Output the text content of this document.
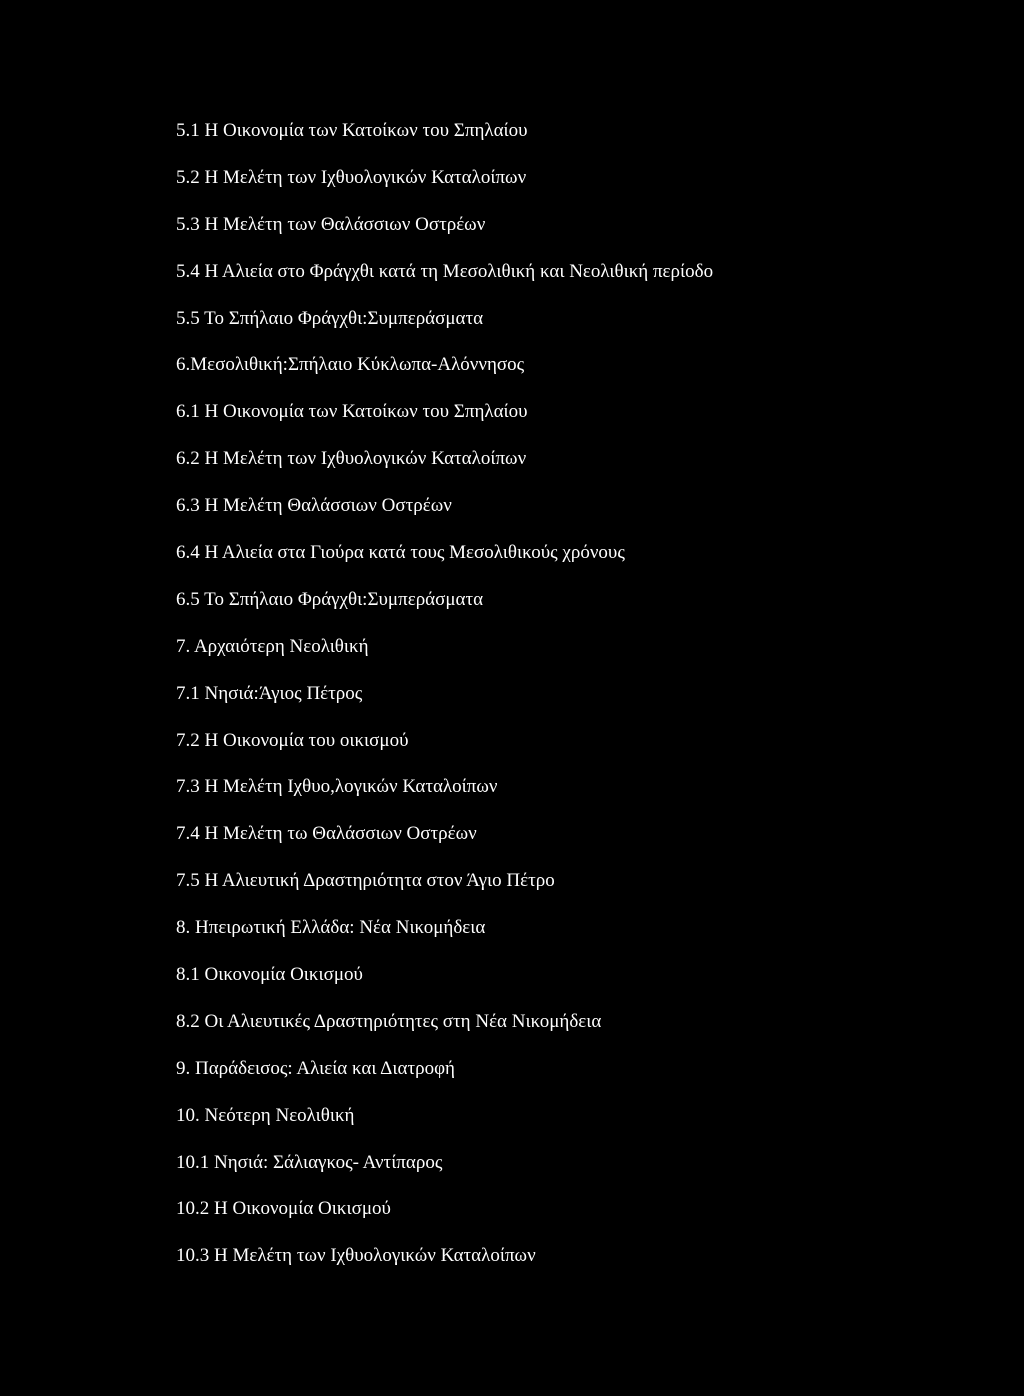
5.1 Η Οικονομία των Κατοίκων του Σπηλαίου
5.2 Η Μελέτη των Ιχθυολογικών Καταλοίπων
5.3 Η Μελέτη των Θαλάσσιων Οστρέων
5.4 Η Αλιεία στο Φράγχθι κατά τη Μεσολιθική και Νεολιθική περίοδο
5.5 Το Σπήλαιο Φράγχθι:Συμπεράσματα
6.Μεσολιθική:Σπήλαιο Κύκλωπα-Αλόννησος
6.1 Η Οικονομία των Κατοίκων του Σπηλαίου
6.2 Η Μελέτη των Ιχθυολογικών Καταλοίπων
6.3 Η Μελέτη Θαλάσσιων Οστρέων
6.4 Η Αλιεία στα Γιούρα κατά τους Μεσολιθικούς χρόνους
6.5 Το Σπήλαιο Φράγχθι:Συμπεράσματα
7. Αρχαιότερη Νεολιθική
7.1 Νησιά:Άγιος Πέτρος
7.2 Η Οικονομία του οικισμού
7.3 Η Μελέτη Ιχθυο,λογικών Καταλοίπων
7.4 Η Μελέτη τω Θαλάσσιων Οστρέων
7.5 Η Αλιευτική Δραστηριότητα στον Άγιο Πέτρο
8. Ηπειρωτική Ελλάδα: Νέα Νικομήδεια
8.1 Οικονομία Οικισμού
8.2 Οι Αλιευτικές Δραστηριότητες στη Νέα Νικομήδεια
9. Παράδεισος: Αλιεία και Διατροφή
10. Νεότερη Νεολιθική
10.1 Νησιά: Σάλιαγκος- Αντίπαρος
10.2 Η Οικονομία Οικισμού
10.3 Η Μελέτη των Ιχθυολογικών Καταλοίπων
